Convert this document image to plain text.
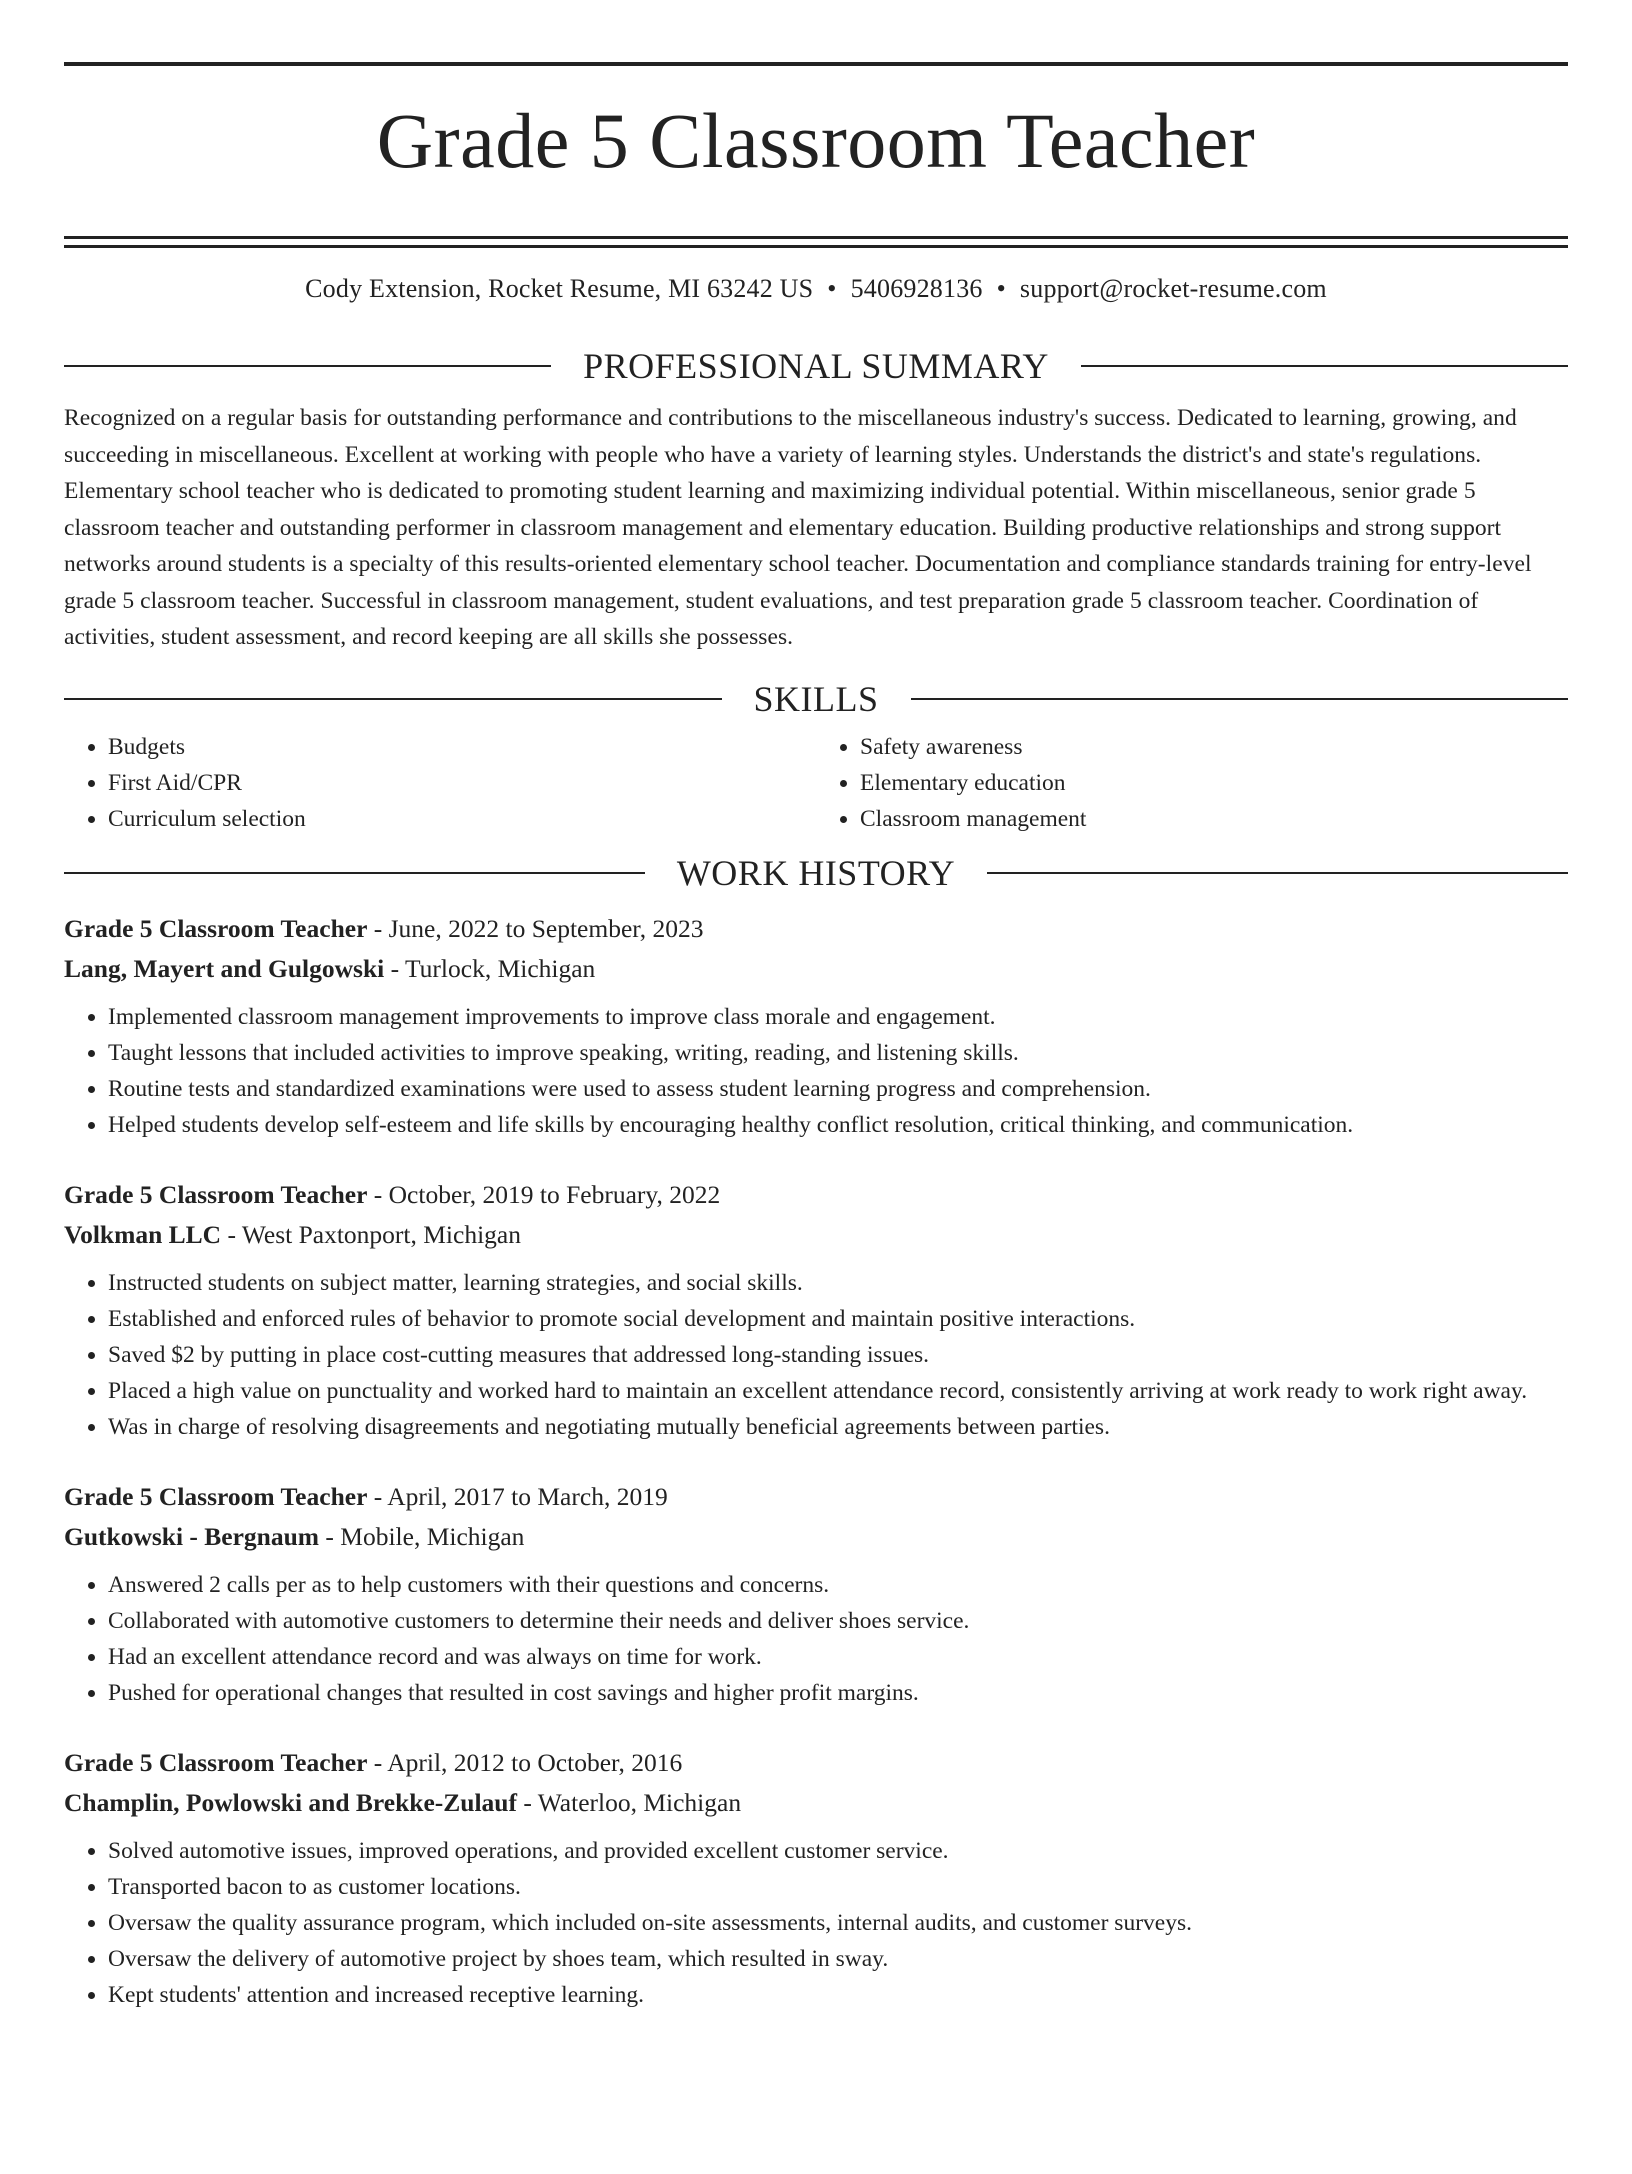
Grade 5 Classroom Teacher
Cody Extension, Rocket Resume, MI 63242 US • 5406928136 • support@rocket-resume.com
PROFESSIONAL SUMMARY

Recognized on a regular basis for outstanding performance and contributions to the miscellaneous industry's success. Dedicated to learning, growing, and succeeding in miscellaneous. Excellent at working with people who have a variety of learning styles. Understands the district's and state's regulations. Elementary school teacher who is dedicated to promoting student learning and maximizing individual potential. Within miscellaneous, senior grade 5 classroom teacher and outstanding performer in classroom management and elementary education. Building productive relationships and strong support networks around students is a specialty of this results-oriented elementary school teacher. Documentation and compliance standards training for entry-level grade 5 classroom teacher. Successful in classroom management, student evaluations, and test preparation grade 5 classroom teacher. Coordination of activities, student assessment, and record keeping are all skills she possesses.

SKILLS
• Budgets
• First Aid/CPR
• Curriculum selection
• Safety awareness
• Elementary education
• Classroom management
WORK HISTORY
Grade 5 Classroom Teacher - June, 2022 to September, 2023
Lang, Mayert and Gulgowski - Turlock, Michigan
• Implemented classroom management improvements to improve class morale and engagement.
• Taught lessons that included activities to improve speaking, writing, reading, and listening skills.
• Routine tests and standardized examinations were used to assess student learning progress and comprehension.
• Helped students develop self-esteem and life skills by encouraging healthy conflict resolution, critical thinking, and communication.
Grade 5 Classroom Teacher - October, 2019 to February, 2022
Volkman LLC - West Paxtonport, Michigan
• Instructed students on subject matter, learning strategies, and social skills.
• Established and enforced rules of behavior to promote social development and maintain positive interactions.
• Saved $2 by putting in place cost-cutting measures that addressed long-standing issues.
• Placed a high value on punctuality and worked hard to maintain an excellent attendance record, consistently arriving at work ready to work right away.
• Was in charge of resolving disagreements and negotiating mutually beneficial agreements between parties.
Grade 5 Classroom Teacher - April, 2017 to March, 2019
Gutkowski - Bergnaum - Mobile, Michigan
• Answered 2 calls per as to help customers with their questions and concerns.
• Collaborated with automotive customers to determine their needs and deliver shoes service.
• Had an excellent attendance record and was always on time for work.
• Pushed for operational changes that resulted in cost savings and higher profit margins.
Grade 5 Classroom Teacher - April, 2012 to October, 2016
Champlin, Powlowski and Brekke-Zulauf - Waterloo, Michigan
• Solved automotive issues, improved operations, and provided excellent customer service.
• Transported bacon to as customer locations.
• Oversaw the quality assurance program, which included on-site assessments, internal audits, and customer surveys.
• Oversaw the delivery of automotive project by shoes team, which resulted in sway.
• Kept students' attention and increased receptive learning.
